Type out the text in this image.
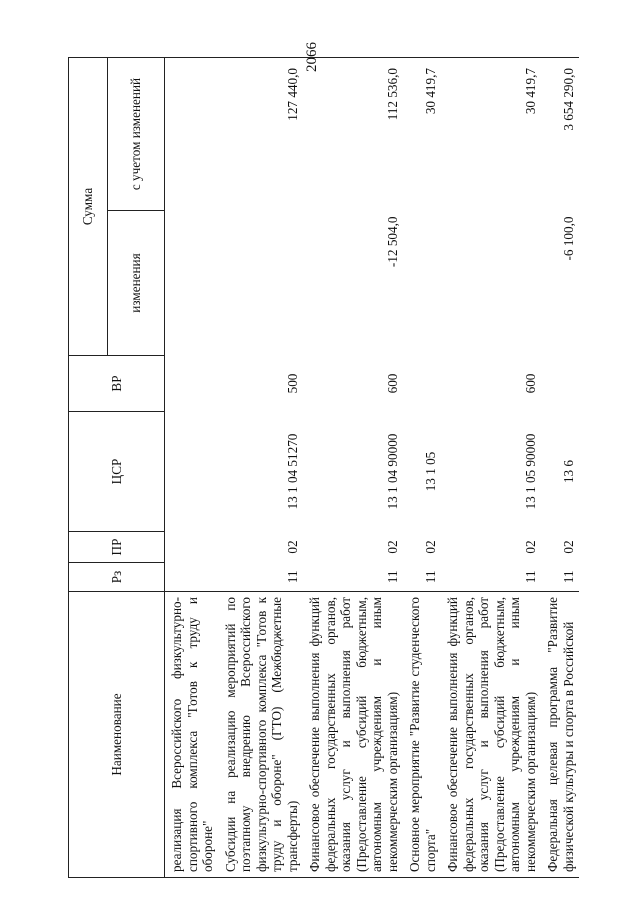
2066
Наименование	Рз	ПР	ЦСР	ВР	Сумма	
					изменения	с учетом изменений
реализация Всероссийского физкультурно-спортивного комплекса "Готов к труду и обороне"						
Субсидии на реализацию мероприятий по поэтапному внедрению Всероссийского физкультурно-спортивного комплекса "Готов к труду и обороне" (ГТО) (Межбюджетные трансферты)	11	02	13 1 04 51270	500		127 440,0
Финансовое обеспечение выполнения функций федеральных государственных органов, оказания услуг и выполнения работ (Предоставление субсидий бюджетным, автономным учреждениям и иным некоммерческим организациям)	11	02	13 1 04 90000	600	-12 504,0	112 536,0
Основное мероприятие "Развитие студенческого спорта"	11	02	13 1 05			30 419,7
Финансовое обеспечение выполнения функций федеральных государственных органов, оказания услуг и выполнения работ (Предоставление субсидий бюджетным, автономным учреждениям и иным некоммерческим организациям)	11	02	13 1 05 90000	600		30 419,7
Федеральная целевая программа "Развитие физической культуры и спорта в Российской	11	02	13 6		-6 100,0	3 654 290,0
